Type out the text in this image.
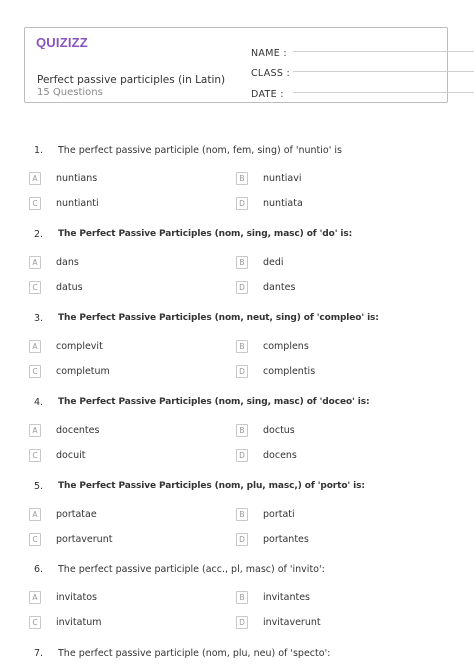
QUIZIZZ
Perfect passive participles (in Latin)
15 Questions
NAME :
CLASS :
DATE :
1. The perfect passive participle (nom, fem, sing) of 'nuntio' is
A	nuntians	B	nuntiavi
C	nuntianti	D	nuntiata
2. The Perfect Passive Participles (nom, sing, masc) of 'do' is:
A	dans	B	dedi
C	datus	D	dantes
3. The Perfect Passive Participles (nom, neut, sing) of 'compleo' is:
A	complevit	B	complens
C	completum	D	complentis
4. The Perfect Passive Participles (nom, sing, masc) of 'doceo' is:
A	docentes	B	doctus
C	docuit	D	docens
5. The Perfect Passive Participles (nom, plu, masc,) of 'porto' is:
A	portatae	B	portati
C	portaverunt	D	portantes
6. The perfect passive participle (acc., pl, masc) of 'invito':
A	invitatos	B	invitantes
C	invitatum	D	invitaverunt
7. The perfect passive participle (nom, plu, neu) of 'specto':
